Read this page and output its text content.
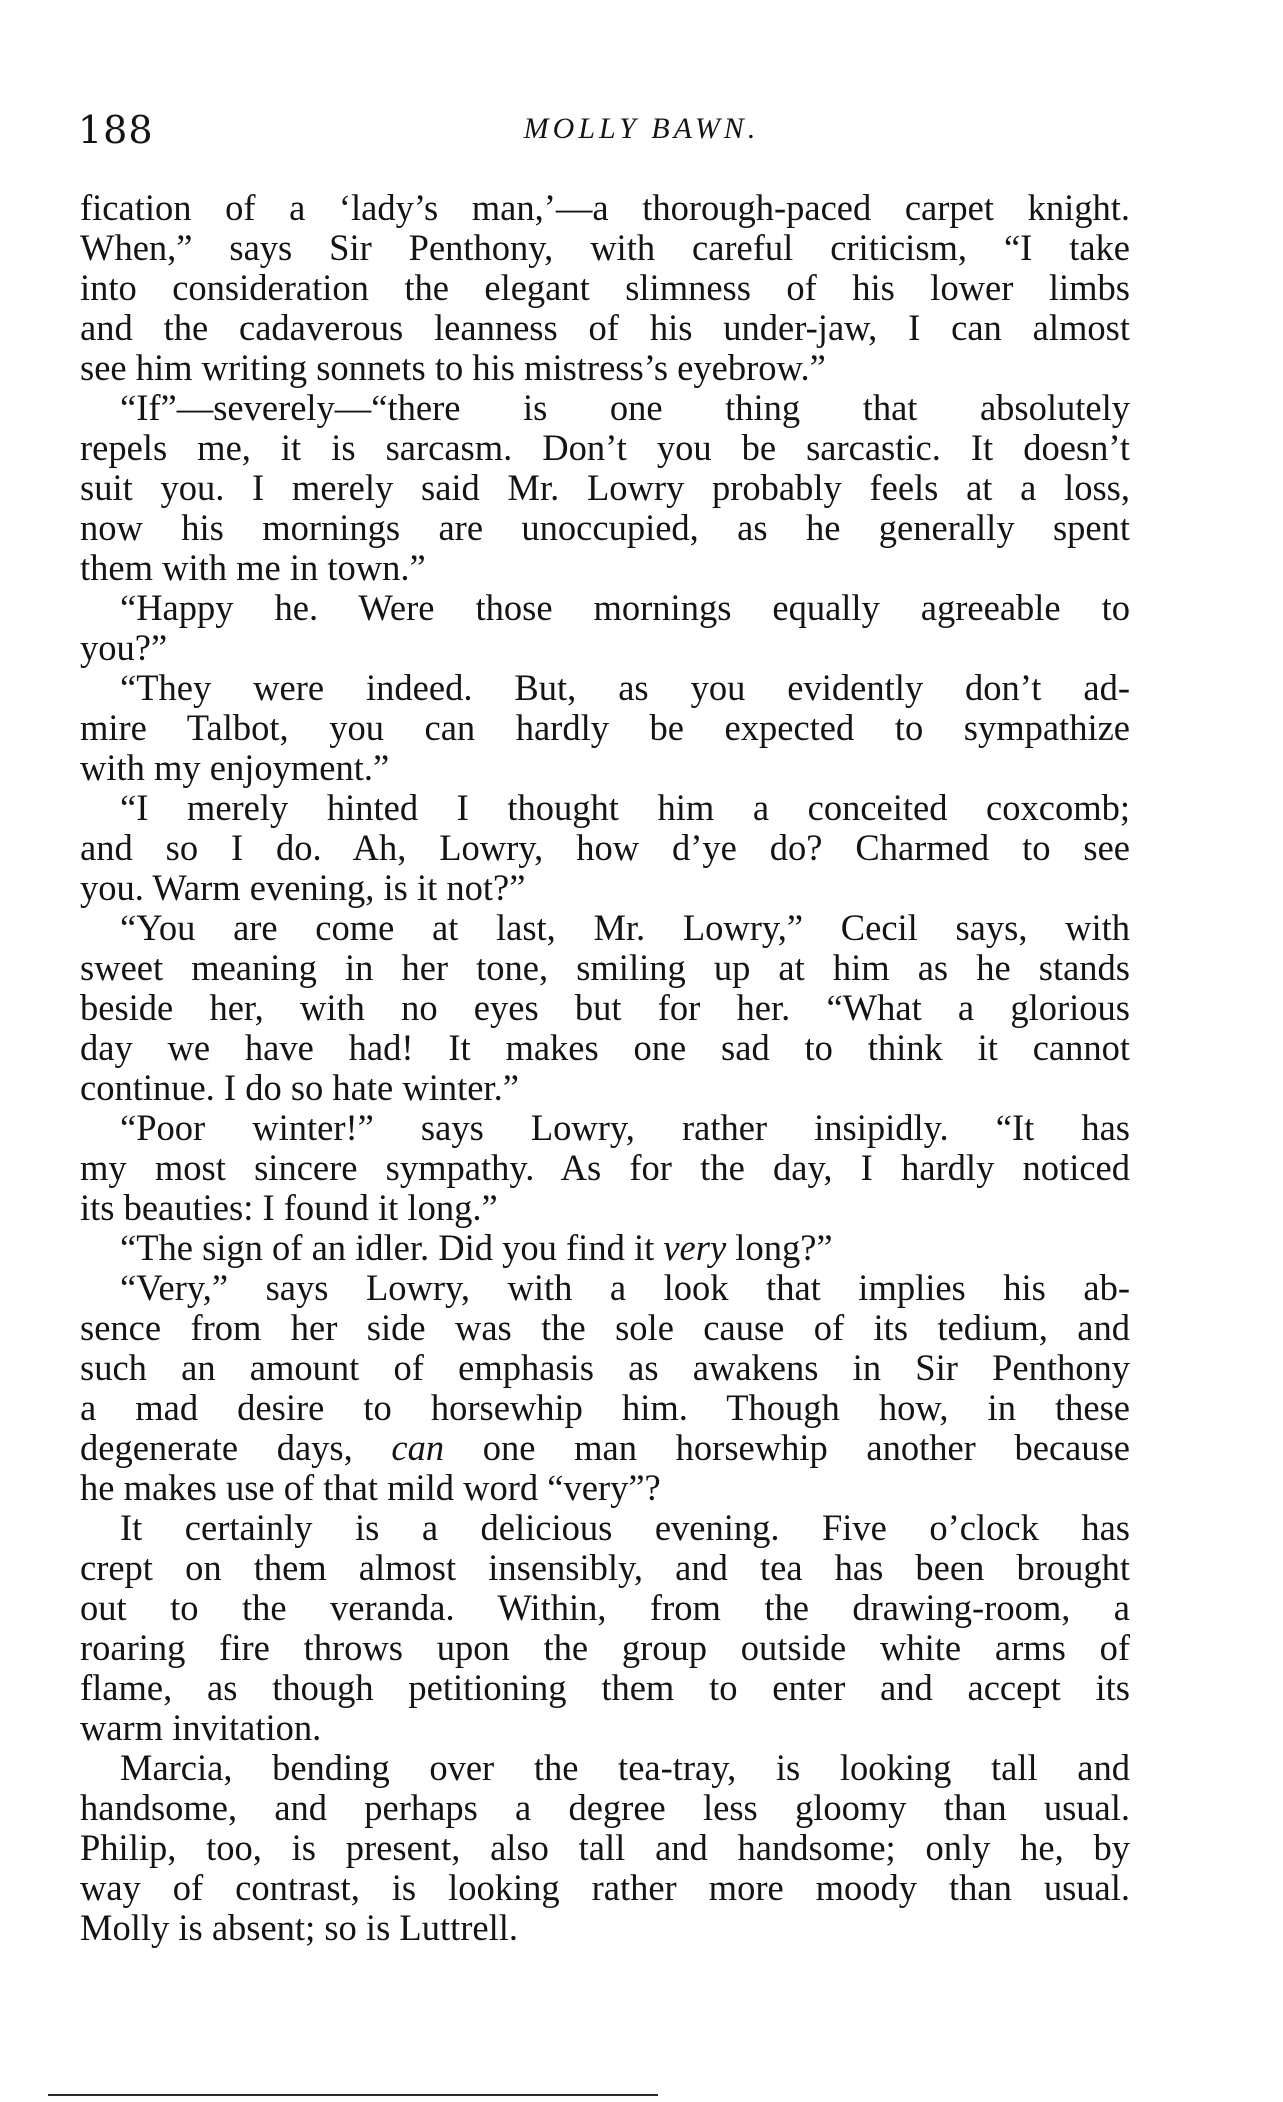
188	MOLLY BAWN.
fication of a ‘lady’s man,’—a thorough-paced carpet knight.
When,” says Sir Penthony, with careful criticism, “I take
into consideration the elegant slimness of his lower limbs
and the cadaverous leanness of his under-jaw, I can almost
see him writing sonnets to his mistress’s eyebrow.”
“If”—severely—“there is one thing that absolutely
repels me, it is sarcasm. Don’t you be sarcastic. It doesn’t
suit you. I merely said Mr. Lowry probably feels at a loss,
now his mornings are unoccupied, as he generally spent
them with me in town.”
“Happy he. Were those mornings equally agreeable to
you?”
“They were indeed. But, as you evidently don’t ad-
mire Talbot, you can hardly be expected to sympathize
with my enjoyment.”
“I merely hinted I thought him a conceited coxcomb;
and so I do. Ah, Lowry, how d’ye do? Charmed to see
you. Warm evening, is it not?”
“You are come at last, Mr. Lowry,” Cecil says, with
sweet meaning in her tone, smiling up at him as he stands
beside her, with no eyes but for her. “What a glorious
day we have had! It makes one sad to think it cannot
continue. I do so hate winter.”
“Poor winter!” says Lowry, rather insipidly. “It has
my most sincere sympathy. As for the day, I hardly noticed
its beauties: I found it long.”
“The sign of an idler. Did you find it very long?”
“Very,” says Lowry, with a look that implies his ab-
sence from her side was the sole cause of its tedium, and
such an amount of emphasis as awakens in Sir Penthony
a mad desire to horsewhip him. Though how, in these
degenerate days, can one man horsewhip another because
he makes use of that mild word “very”?
It certainly is a delicious evening. Five o’clock has
crept on them almost insensibly, and tea has been brought
out to the veranda. Within, from the drawing-room, a
roaring fire throws upon the group outside white arms of
flame, as though petitioning them to enter and accept its
warm invitation.
Marcia, bending over the tea-tray, is looking tall and
handsome, and perhaps a degree less gloomy than usual.
Philip, too, is present, also tall and handsome; only he, by
way of contrast, is looking rather more moody than usual.
Molly is absent; so is Luttrell.
